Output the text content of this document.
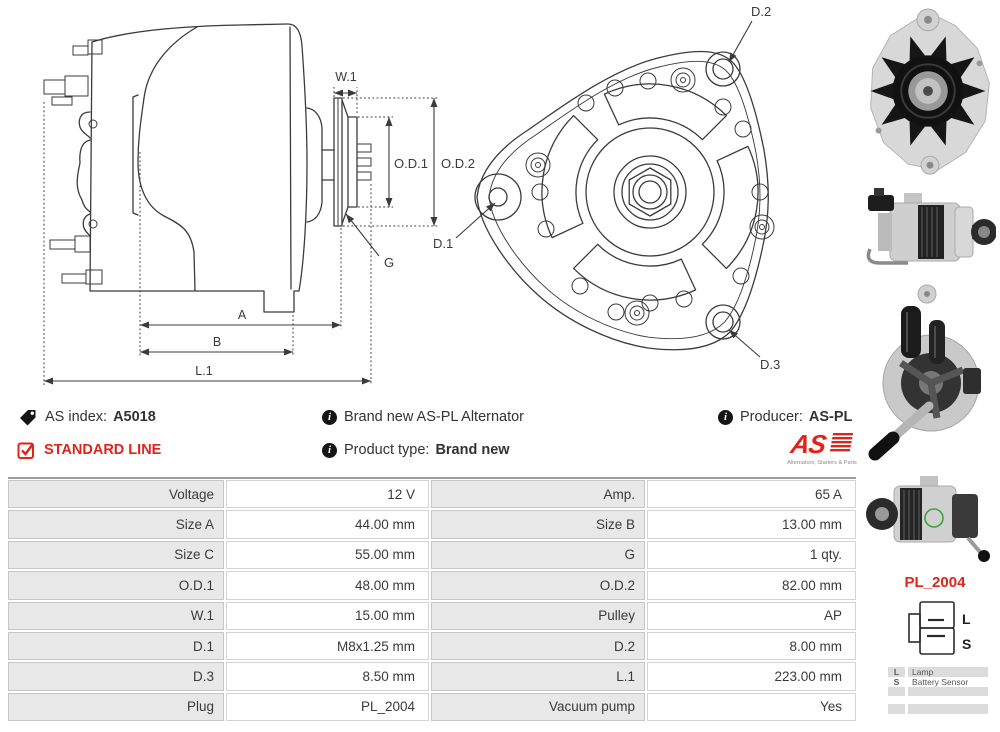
W.1
O.D.1 O.D.2
G
A
B
L.1
D.2
D.1
D.3
AS index: A5018	i Brand new AS-PL Alternator	i Producer: AS-PL
STANDARD LINE	i Product type: Brand new	AS
Alternators, Starters & Parts
Voltage	12 V	Amp.	65 A
Size A	44.00 mm	Size B	13.00 mm
Size C	55.00 mm	G	1 qty.
O.D.1	48.00 mm	O.D.2	82.00 mm
W.1	15.00 mm	Pulley	AP
D.1	M8x1.25 mm	D.2	8.00 mm
D.3	8.50 mm	L.1	223.00 mm
Plug	PL_2004	Vacuum pump	Yes
PL_2004
L
S
L	Lamp
S	Battery Sensor
